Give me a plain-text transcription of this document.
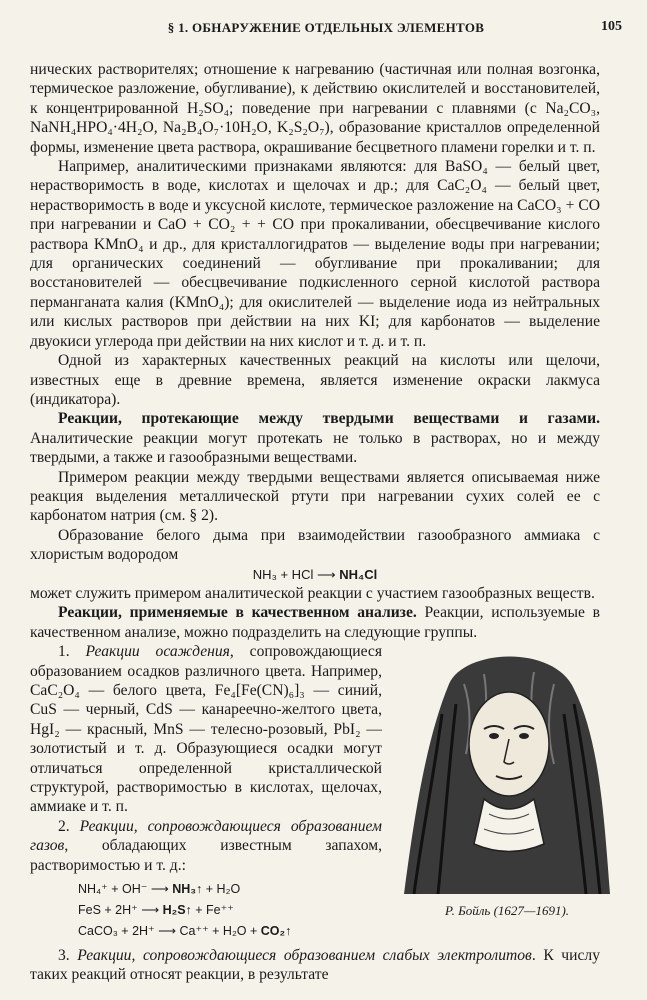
§ 1. ОБНАРУЖЕНИЕ ОТДЕЛЬНЫХ ЭЛЕМЕНТОВ	105

нических растворителях; отношение к нагреванию (частичная или полная возгонка, термическое разложение, обугливание), к действию окислителей и восстановителей, к концентрированной H₂SO₄; поведение при нагревании с плавнями (с Na₂CO₃, NaNH₄HPO₄·4H₂O, Na₂B₄O₇·10H₂O, K₂S₂O₇), образование кристаллов определенной формы, изменение цвета раствора, окрашивание бесцветного пламени горелки и т. п.

Например, аналитическими признаками являются: для BaSO₄ — белый цвет, нерастворимость в воде, кислотах и щелочах и др.; для CaC₂O₄ — белый цвет, нерастворимость в воде и уксусной кислоте, термическое разложение на CaCO₃ + CO при нагревании и CaO + CO₂ + + CO при прокаливании, обесцвечивание кислого раствора KMnO₄ и др., для кристаллогидратов — выделение воды при нагревании; для органических соединений — обугливание при прокаливании; для восстановителей — обесцвечивание подкисленного серной кислотой раствора перманганата калия (KMnO₄); для окислителей — выделение иода из нейтральных или кислых растворов при действии на них KI; для карбонатов — выделение двуокиси углерода при действии на них кислот и т. д. и т. п.

Одной из характерных качественных реакций на кислоты или щелочи, известных еще в древние времена, является изменение окраски лакмуса (индикатора).

Реакции, протекающие между твердыми веществами и газами. Аналитические реакции могут протекать не только в растворах, но и между твердыми, а также и газообразными веществами.

Примером реакции между твердыми веществами является описываемая ниже реакция выделения металлической ртути при нагревании сухих солей ее с карбонатом натрия (см. § 2).

Образование белого дыма при взаимодействии газообразного аммиака с хлористым водородом

NH₃ + HCl ⟶ NH₄Cl

может служить примером аналитической реакции с участием газообразных веществ.

Реакции, применяемые в качественном анализе. Реакции, используемые в качественном анализе, можно подразделить на следующие группы.

Р. Бойль (1627—1691).

1. Реакции осаждения, сопровождающиеся образованием осадков различного цвета. Например, CaC₂O₄ — белого цвета, Fe₄[Fe(CN)₆]₃ — синий, CuS — черный, CdS — канареечно-желтого цвета, HgI₂ — красный, MnS — телесно-розовый, PbI₂ — золотистый и т. д. Образующиеся осадки могут отличаться определенной кристаллической структурой, растворимостью в кислотах, щелочах, аммиаке и т. п.

2. Реакции, сопровождающиеся образованием газов, обладающих известным запахом, растворимостью и т. д.:

NH₄⁺ + OH⁻ ⟶ NH₃↑ + H₂O
FeS + 2H⁺ ⟶ H₂S↑ + Fe⁺⁺
CaCO₃ + 2H⁺ ⟶ Ca⁺⁺ + H₂O + CO₂↑

3. Реакции, сопровождающиеся образованием слабых электролитов. К числу таких реакций относят реакции, в результате
